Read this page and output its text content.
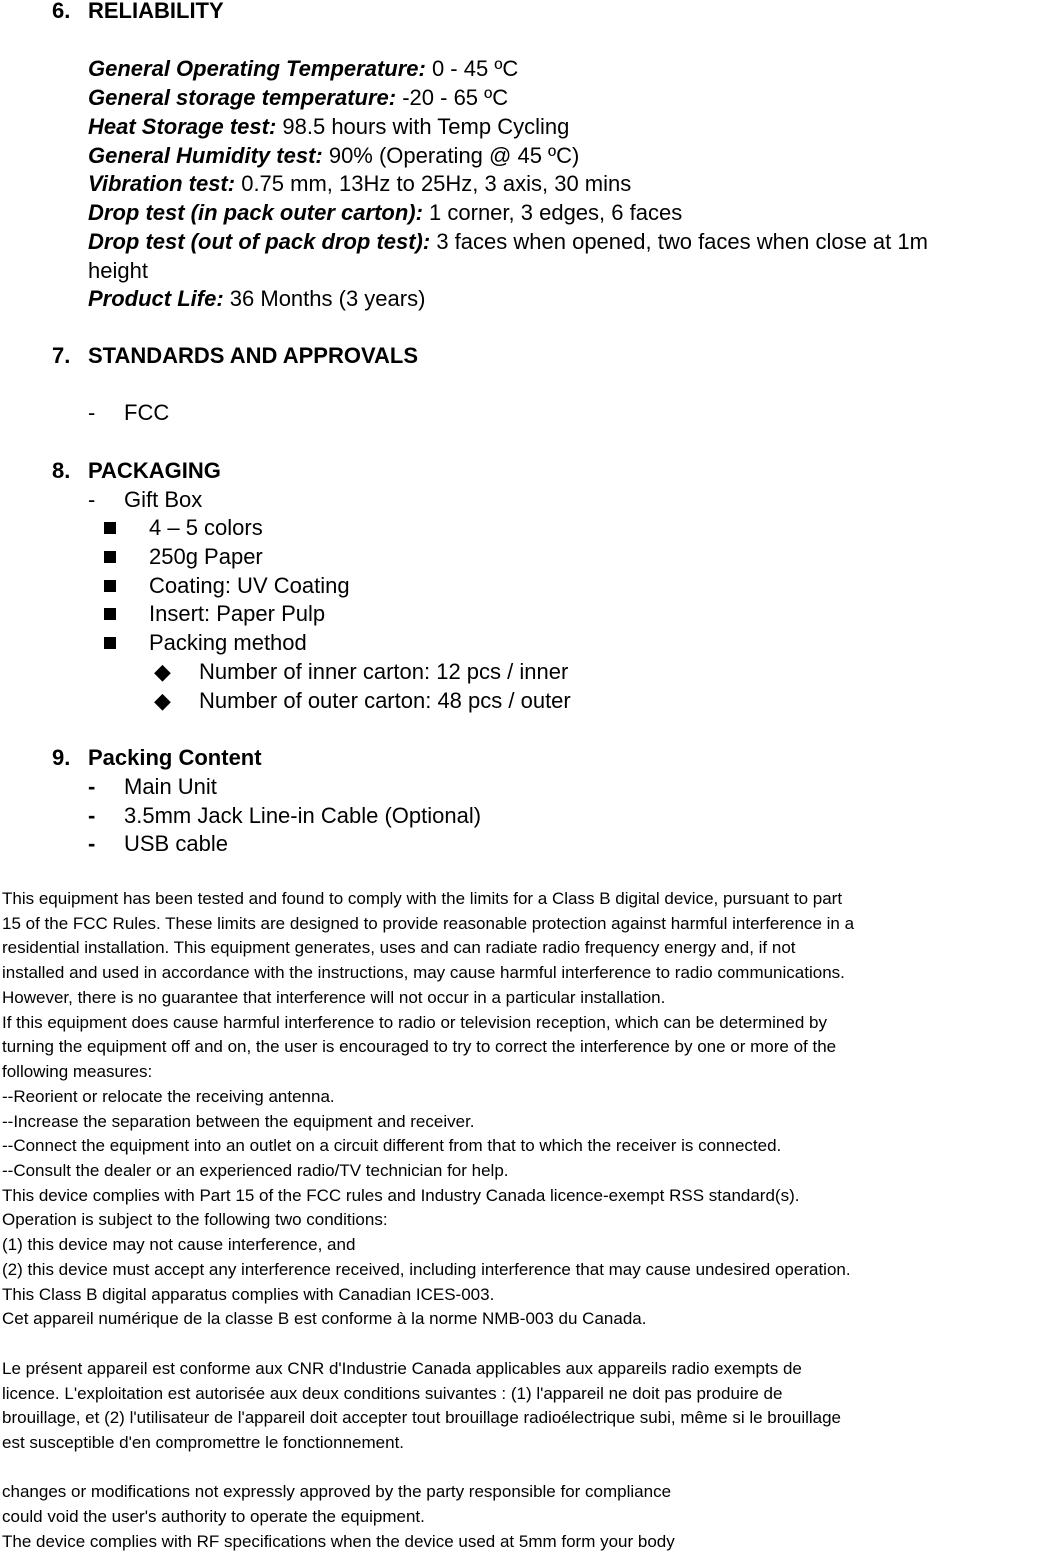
6. RELIABILITY
General Operating Temperature: 0 - 45 ºC
General storage temperature: -20 - 65 ºC
Heat Storage test: 98.5 hours with Temp Cycling
General Humidity test: 90% (Operating @ 45 ºC)
Vibration test: 0.75 mm, 13Hz to 25Hz, 3 axis, 30 mins
Drop test (in pack outer carton): 1 corner, 3 edges, 6 faces
Drop test (out of pack drop test): 3 faces when opened, two faces when close at 1m
height
Product Life: 36 Months (3 years)
7. STANDARDS AND APPROVALS
- FCC
8. PACKAGING
- Gift Box
4 – 5 colors
250g Paper
Coating: UV Coating
Insert: Paper Pulp
Packing method
◆ Number of inner carton: 12 pcs / inner
◆ Number of outer carton: 48 pcs / outer
9. Packing Content
- Main Unit
- 3.5mm Jack Line-in Cable (Optional)
- USB cable
This equipment has been tested and found to comply with the limits for a Class B digital device, pursuant to part
15 of the FCC Rules. These limits are designed to provide reasonable protection against harmful interference in a
residential installation. This equipment generates, uses and can radiate radio frequency energy and, if not
installed and used in accordance with the instructions, may cause harmful interference to radio communications.
However, there is no guarantee that interference will not occur in a particular installation.
If this equipment does cause harmful interference to radio or television reception, which can be determined by
turning the equipment off and on, the user is encouraged to try to correct the interference by one or more of the
following measures:
--Reorient or relocate the receiving antenna.
--Increase the separation between the equipment and receiver.
--Connect the equipment into an outlet on a circuit different from that to which the receiver is connected.
--Consult the dealer or an experienced radio/TV technician for help.
This device complies with Part 15 of the FCC rules and Industry Canada licence-exempt RSS standard(s).
Operation is subject to the following two conditions:
(1) this device may not cause interference, and
(2) this device must accept any interference received, including interference that may cause undesired operation.
This Class B digital apparatus complies with Canadian ICES-003.
Cet appareil numérique de la classe B est conforme à la norme NMB-003 du Canada.
Le présent appareil est conforme aux CNR d'Industrie Canada applicables aux appareils radio exempts de
licence. L'exploitation est autorisée aux deux conditions suivantes : (1) l'appareil ne doit pas produire de
brouillage, et (2) l'utilisateur de l'appareil doit accepter tout brouillage radioélectrique subi, même si le brouillage
est susceptible d'en compromettre le fonctionnement.
changes or modifications not expressly approved by the party responsible for compliance
could void the user's authority to operate the equipment.
The device complies with RF specifications when the device used at 5mm form your body
